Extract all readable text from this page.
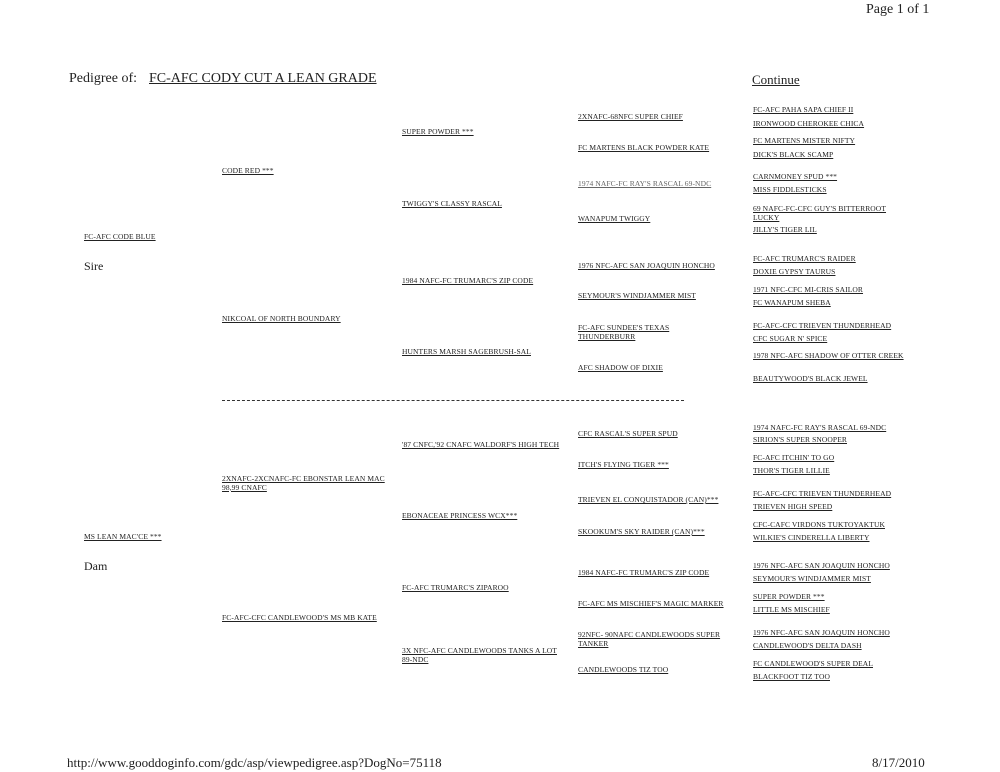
Page 1 of 1
Pedigree of: FC-AFC CODY CUT A LEAN GRADE	Continue
FC-AFC CODE BLUE
Sire
MS LEAN MAC'CE ***
Dam
CODE RED ***
NIKCOAL OF NORTH BOUNDARY
2XNAFC-2XCNAFC-FC EBONSTAR LEAN MAC 98,99 CNAFC
FC-AFC-CFC CANDLEWOOD'S MS MB KATE
SUPER POWDER ***
TWIGGY'S CLASSY RASCAL
1984 NAFC-FC TRUMARC'S ZIP CODE
HUNTERS MARSH SAGEBRUSH-SAL
'87 CNFC,'92 CNAFC WALDORF'S HIGH TECH
EBONACEAE PRINCESS WCX***
FC-AFC TRUMARC'S ZIPAROO
3X NFC-AFC CANDLEWOODS TANKS A LOT 89-NDC
2XNAFC-68NFC SUPER CHIEF
FC MARTENS BLACK POWDER KATE
1974 NAFC-FC RAY'S RASCAL 69-NDC
WANAPUM TWIGGY
1976 NFC-AFC SAN JOAQUIN HONCHO
SEYMOUR'S WINDJAMMER MIST
FC-AFC SUNDEE'S TEXAS THUNDERBURR
AFC SHADOW OF DIXIE
CFC RASCAL'S SUPER SPUD
ITCH'S FLYING TIGER ***
TRIEVEN EL CONQUISTADOR (CAN)***
SKOOKUM'S SKY RAIDER (CAN)***
1984 NAFC-FC TRUMARC'S ZIP CODE
FC-AFC MS MISCHIEF'S MAGIC MARKER
92NFC- 90NAFC CANDLEWOODS SUPER TANKER
CANDLEWOODS TIZ TOO
FC-AFC PAHA SAPA CHIEF II
IRONWOOD CHEROKEE CHICA
FC MARTENS MISTER NIFTY
DICK'S BLACK SCAMP
CARNMONEY SPUD ***
MISS FIDDLESTICKS
69 NAFC-FC-CFC GUY'S BITTERROOT LUCKY
JILLY'S TIGER LIL
FC-AFC TRUMARC'S RAIDER
DOXIE GYPSY TAURUS
1971 NFC-CFC MI-CRIS SAILOR
FC WANAPUM SHEBA
FC-AFC-CFC TRIEVEN THUNDERHEAD
CFC SUGAR N' SPICE
1978 NFC-AFC SHADOW OF OTTER CREEK
BEAUTYWOOD'S BLACK JEWEL
1974 NAFC-FC RAY'S RASCAL 69-NDC
SIRION'S SUPER SNOOPER
FC-AFC ITCHIN' TO GO
THOR'S TIGER LILLIE
FC-AFC-CFC TRIEVEN THUNDERHEAD
TRIEVEN HIGH SPEED
CFC-CAFC VIRDONS TUKTOYAKTUK
WILKIE'S CINDERELLA LIBERTY
1976 NFC-AFC SAN JOAQUIN HONCHO
SEYMOUR'S WINDJAMMER MIST
SUPER POWDER ***
LITTLE MS MISCHIEF
1976 NFC-AFC SAN JOAQUIN HONCHO
CANDLEWOOD'S DELTA DASH
FC CANDLEWOOD'S SUPER DEAL
BLACKFOOT TIZ TOO
http://www.gooddoginfo.com/gdc/asp/viewpedigree.asp?DogNo=75118	8/17/2010
